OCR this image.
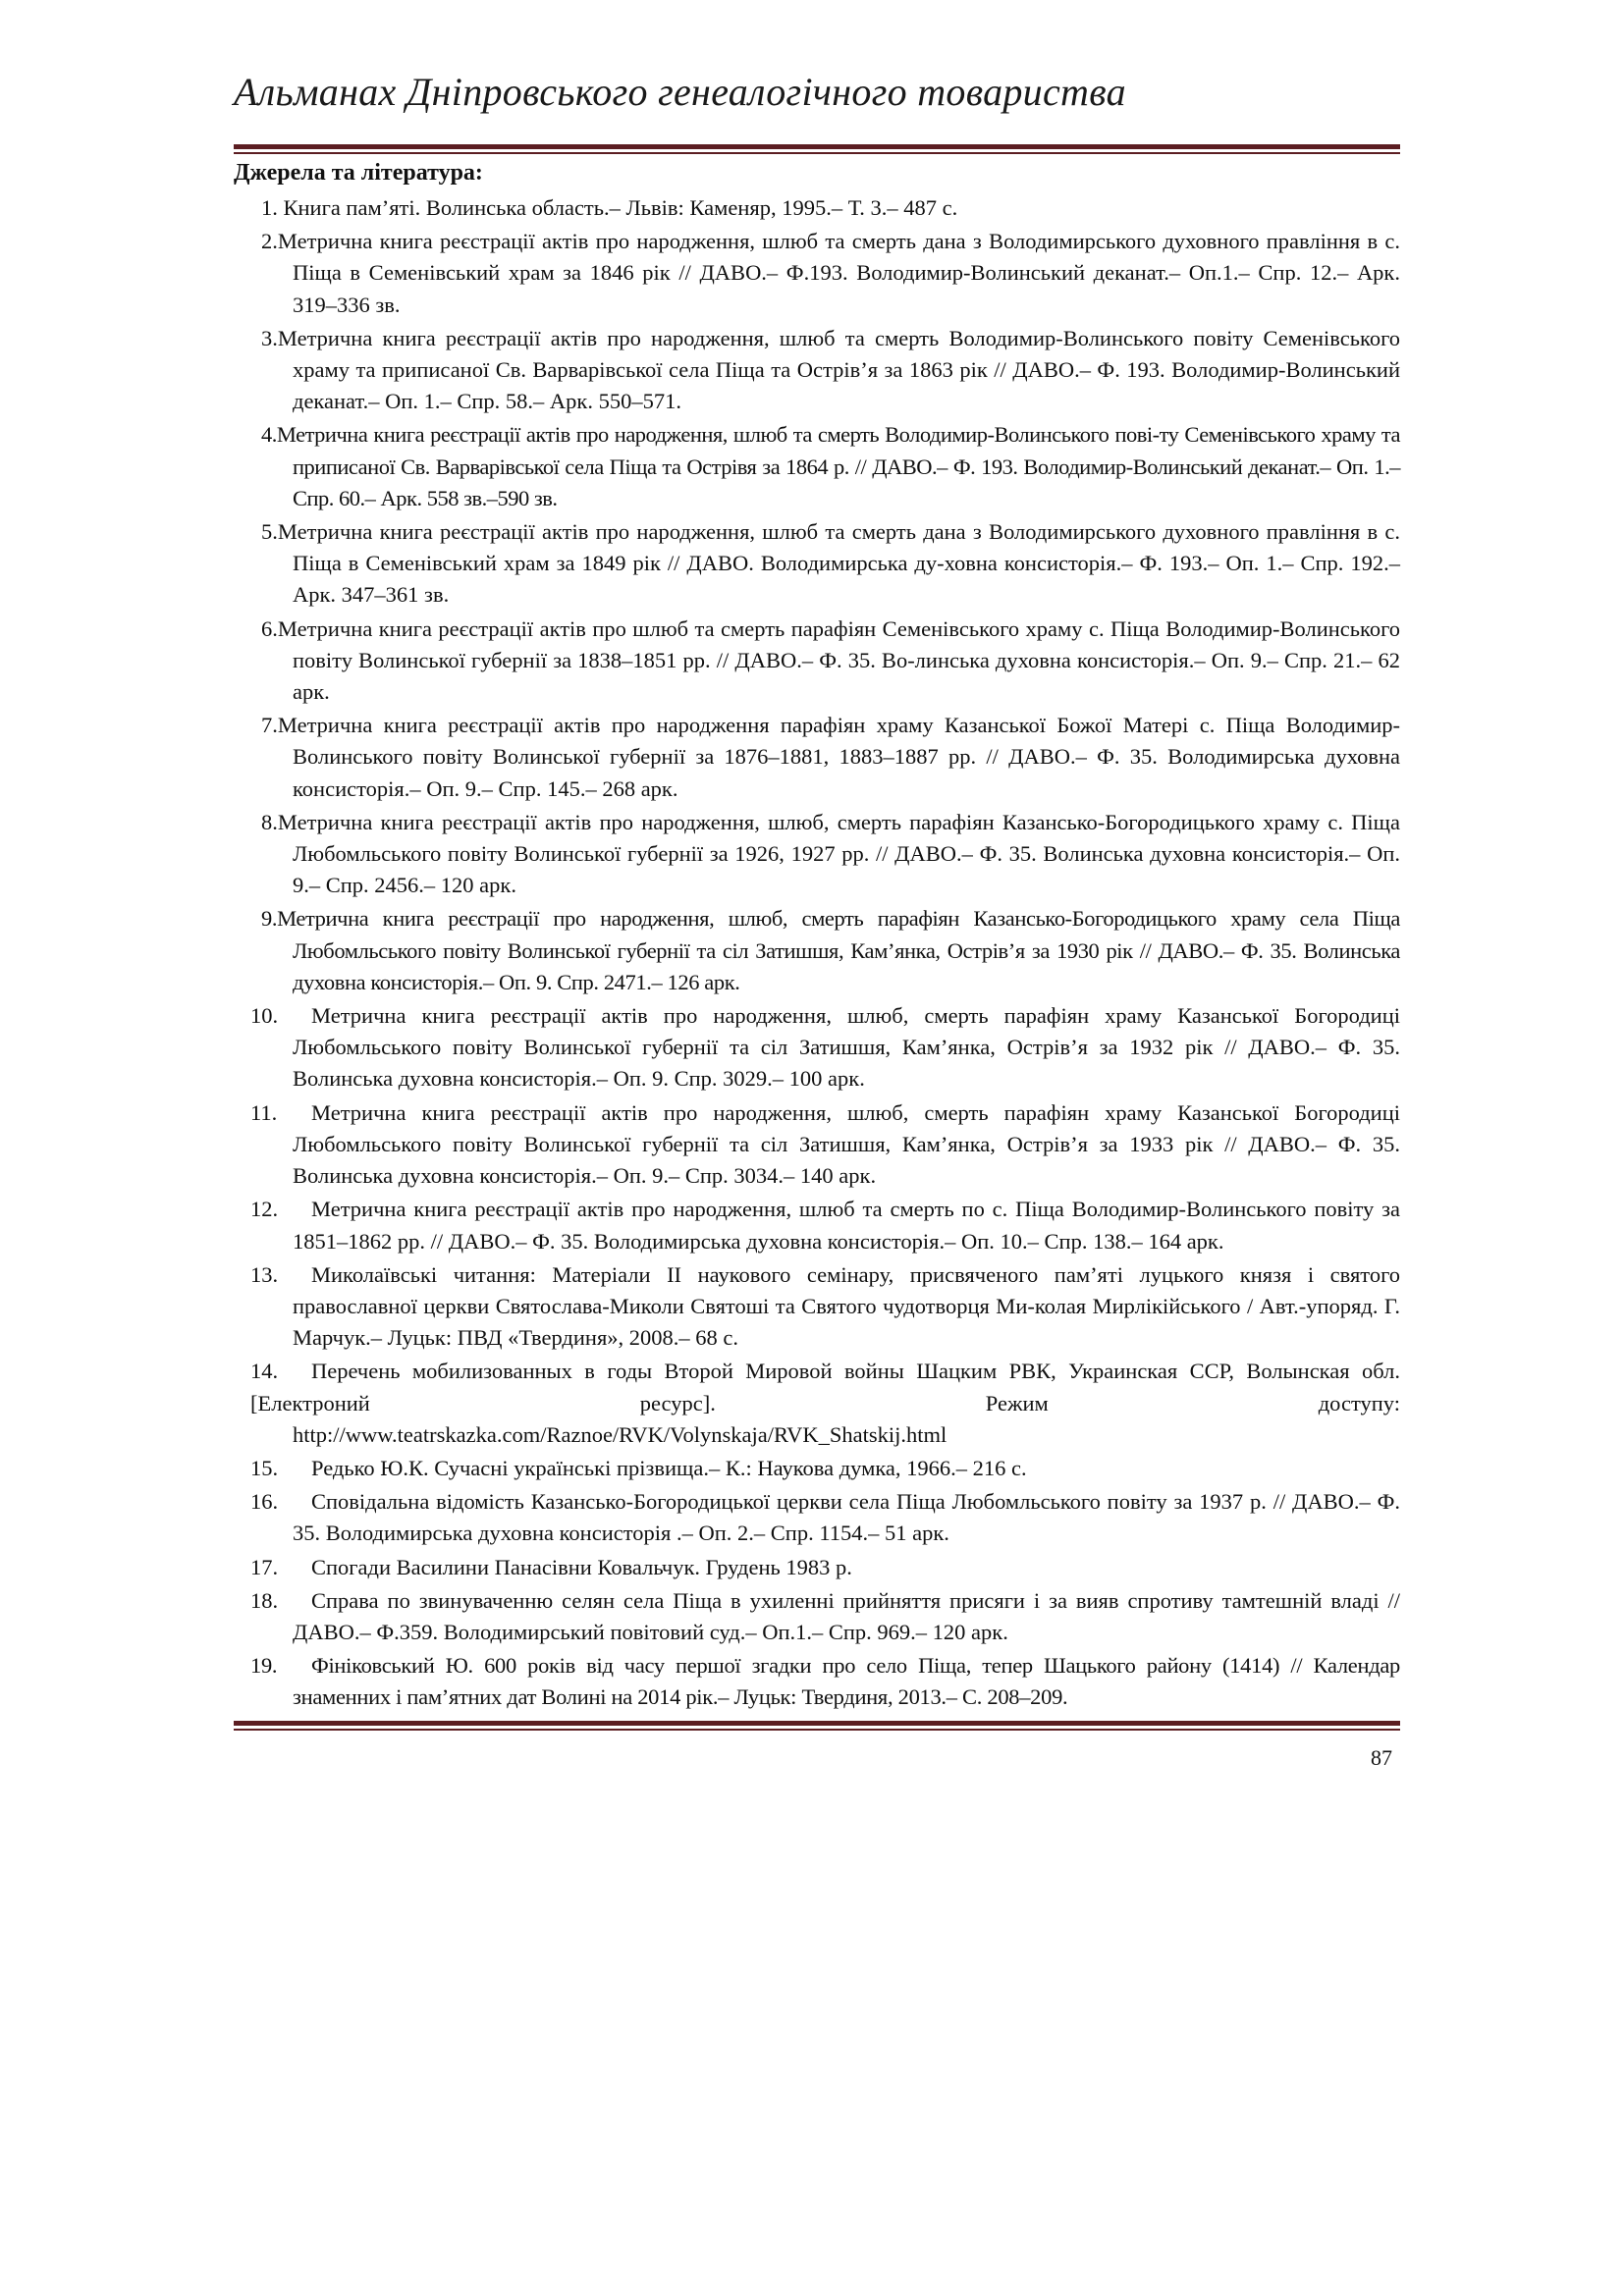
Альманах Дніпровського генеалогічного товариства
Джерела та література:
1. Книга пам’яті. Волинська область.– Львів: Каменяр, 1995.– Т. 3.– 487 с.
2.Метрична книга реєстрації актів про народження, шлюб та смерть дана з Володимирського духовного правління в с. Піща в Семенівський храм за 1846 рік // ДАВО.– Ф.193. Володимир-Волинський деканат.– Оп.1.– Спр. 12.– Арк. 319–336 зв.
3.Метрична книга реєстрації актів про народження, шлюб та смерть Володимир-Волинського повіту Семенівського храму та приписаної Св. Варварівської села Піща та Острів’я за 1863 рік // ДАВО.– Ф. 193. Володимир-Волинський деканат.– Оп. 1.– Спр. 58.– Арк. 550–571.
4.Метрична книга реєстрації актів про народження, шлюб та смерть Володимир-Волинського пові-ту Семенівського храму та приписаної Св. Варварівської села Піща та Острівя за 1864 р. // ДАВО.– Ф. 193. Володимир-Волинський деканат.– Оп. 1.– Спр. 60.– Арк. 558 зв.–590 зв.
5.Метрична книга реєстрації актів про народження, шлюб та смерть дана з Володимирського духовного правління в с. Піща в Семенівський храм за 1849 рік // ДАВО. Володимирська ду-ховна консисторія.– Ф. 193.– Оп. 1.– Спр. 192.– Арк. 347–361 зв.
6.Метрична книга реєстрації актів про шлюб та смерть парафіян Семенівського храму с. Піща Володимир-Волинського повіту Волинської губернії за 1838–1851 рр. // ДАВО.– Ф. 35. Во-линська духовна консисторія.– Оп. 9.– Спр. 21.– 62 арк.
7.Метрична книга реєстрації актів про народження парафіян храму Казанської Божої Матері с. Піща Володимир-Волинського повіту Волинської губернії за 1876–1881, 1883–1887 рр. // ДАВО.– Ф. 35. Володимирська духовна консисторія.– Оп. 9.– Спр. 145.– 268 арк.
8.Метрична книга реєстрації актів про народження, шлюб, смерть парафіян Казансько-Богородицького храму с. Піща Любомльського повіту Волинської губернії за 1926, 1927 рр. // ДАВО.– Ф. 35. Волинська духовна консисторія.– Оп. 9.– Спр. 2456.– 120 арк.
9.Метрична книга реєстрації про народження, шлюб, смерть парафіян Казансько-Богородицького храму села Піща Любомльського повіту Волинської губернії та сіл Затишшя, Кам’янка, Острів’я за 1930 рік // ДАВО.– Ф. 35. Волинська духовна консисторія.– Оп. 9. Спр. 2471.– 126 арк.
10. Метрична книга реєстрації актів про народження, шлюб, смерть парафіян храму Казанської Богородиці Любомльського повіту Волинської губернії та сіл Затишшя, Кам’янка, Острів’я за 1932 рік // ДАВО.– Ф. 35. Волинська духовна консисторія.– Оп. 9. Спр. 3029.– 100 арк.
11. Метрична книга реєстрації актів про народження, шлюб, смерть парафіян храму Казанської Богородиці Любомльського повіту Волинської губернії та сіл Затишшя, Кам’янка, Острів’я за 1933 рік // ДАВО.– Ф. 35. Волинська духовна консисторія.– Оп. 9.– Спр. 3034.– 140 арк.
12. Метрична книга реєстрації актів про народження, шлюб та смерть по с. Піща Володимир-Волинського повіту за 1851–1862 рр. // ДАВО.– Ф. 35. Володимирська духовна консисторія.– Оп. 10.– Спр. 138.– 164 арк.
13. Миколаївські читання: Матеріали ІІ наукового семінару, присвяченого пам’яті луцького князя і святого православної церкви Святослава-Миколи Святоші та Святого чудотворця Ми-колая Мирлікійського / Авт.-упоряд. Г. Марчук.– Луцьк: ПВД «Твердиня», 2008.– 68 с.
14. Перечень мобилизованных в годы Второй Мировой войны Шацким РВК, Украинская ССР, Волынская обл. [Електроний ресурс]. Режим доступу:
http://www.teatrskazka.com/Raznoe/RVK/Volynskaja/RVK_Shatskij.html
15. Редько Ю.К. Сучасні українські прізвища.– К.: Наукова думка, 1966.– 216 с.
16. Сповідальна відомість Казансько-Богородицької церкви села Піща Любомльського повіту за 1937 р. // ДАВО.– Ф. 35. Володимирська духовна консисторія .– Оп. 2.– Спр. 1154.– 51 арк.
17. Спогади Василини Панасівни Ковальчук. Грудень 1983 р.
18. Справа по звинуваченню селян села Піща в ухиленні прийняття присяги і за вияв спротиву тамтешній владі // ДАВО.– Ф.359. Володимирський повітовий суд.– Оп.1.– Спр. 969.– 120 арк.
19. Фініковський Ю. 600 років від часу першої згадки про село Піща, тепер Шацького району (1414) // Календар знаменних і пам’ятних дат Волині на 2014 рік.– Луцьк: Твердиня, 2013.– С. 208–209.
87
